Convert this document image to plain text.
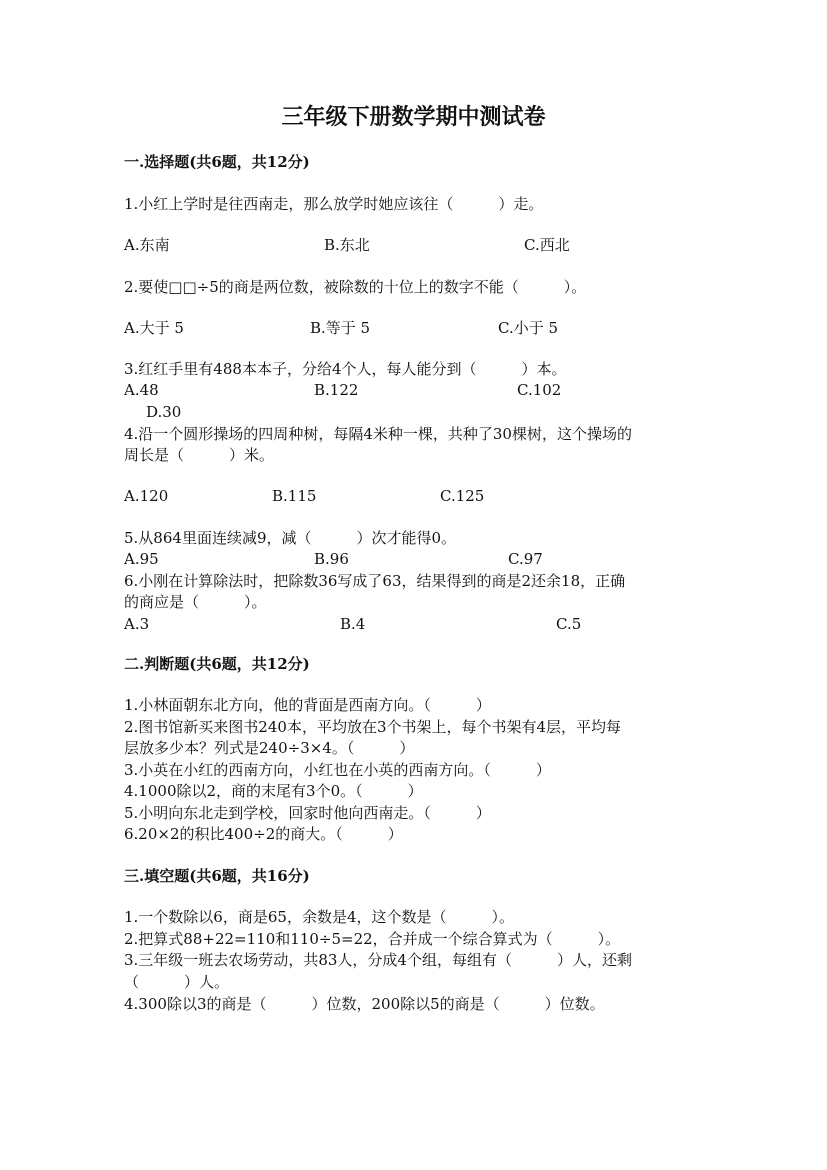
三年级下册数学期中测试卷
一.选择题(共6题，共12分)
1.小红上学时是往西南走，那么放学时她应该往（　　　）走。
A.东南	B.东北	C.西北
2.要使□□÷5的商是两位数，被除数的十位上的数字不能（　　　）。
A.大于 5	B.等于 5	C.小于 5
3.红红手里有488本本子，分给4个人，每人能分到（　　　）本。
A.48	B.122	C.102
D.30
4.沿一个圆形操场的四周种树，每隔4米种一棵，共种了30棵树，这个操场的
周长是（　　　）米。
A.120	B.115	C.125
5.从864里面连续减9，减（　　　）次才能得0。
A.95	B.96	C.97
6.小刚在计算除法时，把除数36写成了63，结果得到的商是2还余18，正确
的商应是（　　　）。
A.3	B.4	C.5
二.判断题(共6题，共12分)
1.小林面朝东北方向，他的背面是西南方向。（　　　）
2.图书馆新买来图书240本，平均放在3个书架上，每个书架有4层，平均每
层放多少本？列式是240÷3×4。（　　　）
3.小英在小红的西南方向，小红也在小英的西南方向。（　　　）
4.1000除以2，商的末尾有3个0。（　　　）
5.小明向东北走到学校，回家时他向西南走。（　　　）
6.20×2的积比400÷2的商大。（　　　）
三.填空题(共6题，共16分)
1.一个数除以6，商是65，余数是4，这个数是（　　　）。
2.把算式88+22=110和110÷5=22，合并成一个综合算式为（　　　）。
3.三年级一班去农场劳动，共83人，分成4个组，每组有（　　　）人，还剩
（　　　）人。
4.300除以3的商是（　　　）位数，200除以5的商是（　　　）位数。
